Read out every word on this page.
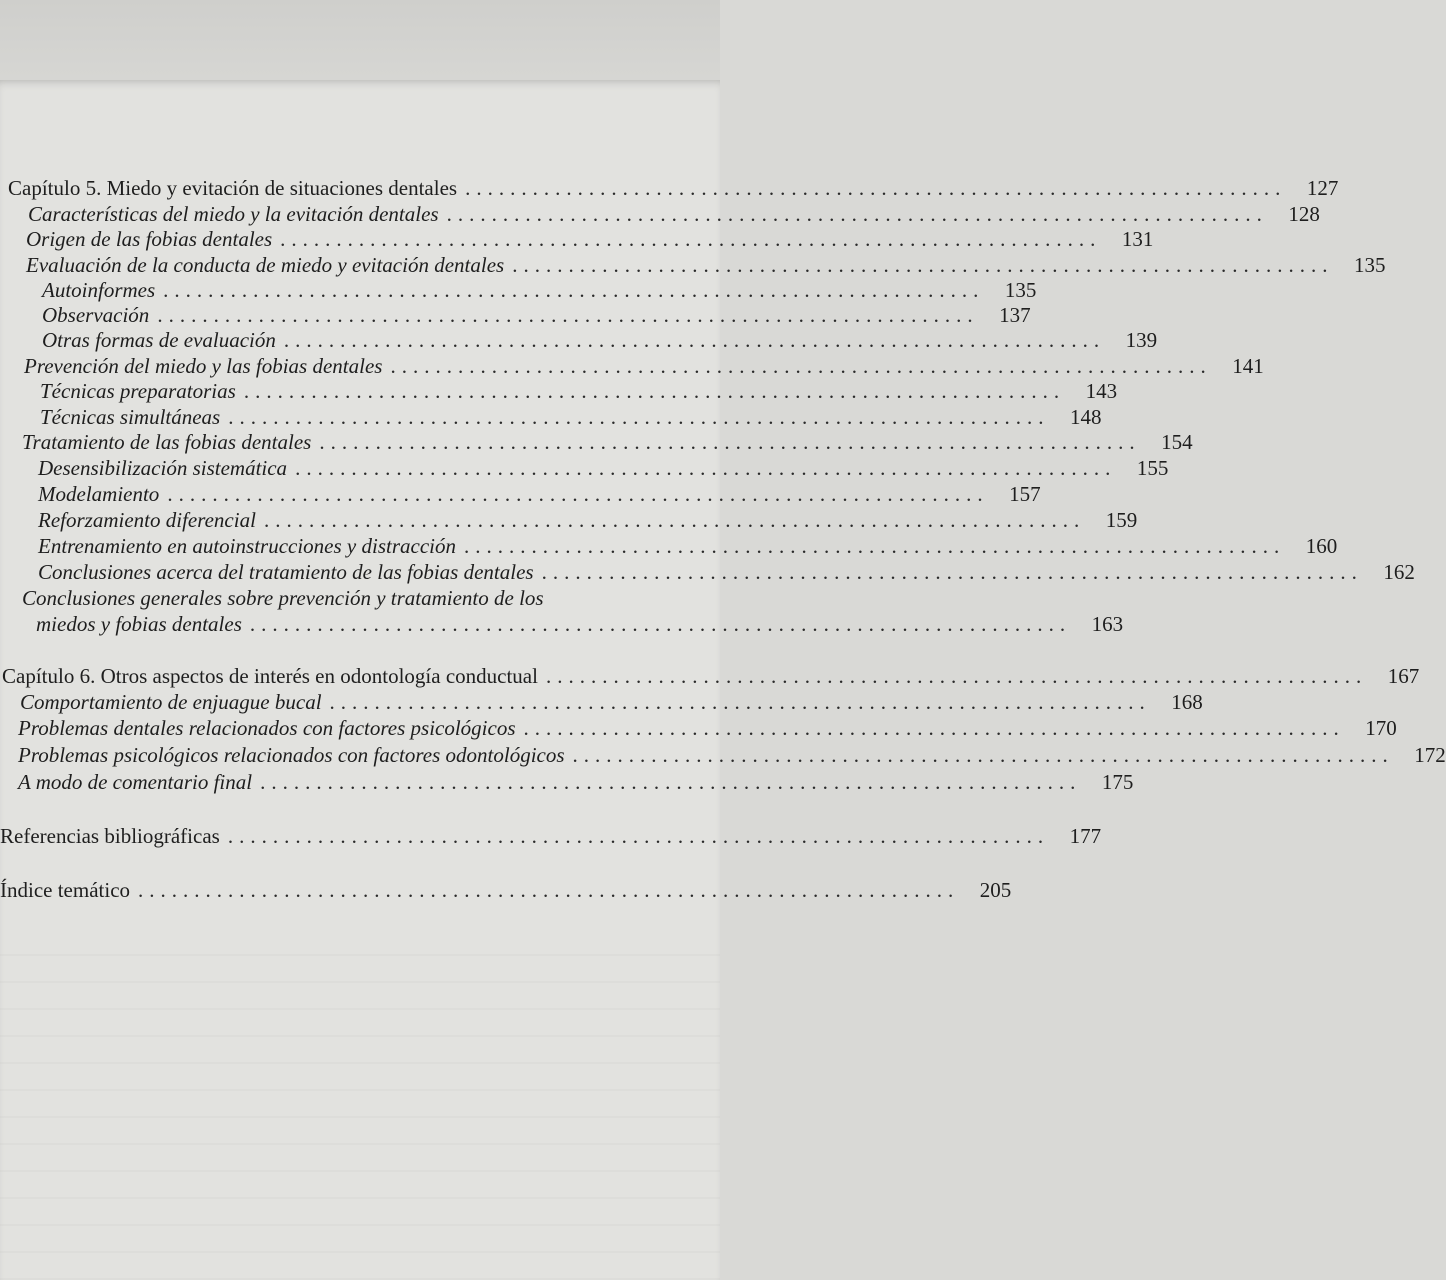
Capítulo 5. Miedo y evitación de situaciones dentales ......................................................................... 127
Características del miedo y la evitación dentales ......................................................................... 128
Origen de las fobias dentales ......................................................................... 131
Evaluación de la conducta de miedo y evitación dentales ......................................................................... 135
Autoinformes ......................................................................... 135
Observación ......................................................................... 137
Otras formas de evaluación ......................................................................... 139
Prevención del miedo y las fobias dentales ......................................................................... 141
Técnicas preparatorias ......................................................................... 143
Técnicas simultáneas ......................................................................... 148
Tratamiento de las fobias dentales ......................................................................... 154
Desensibilización sistemática ......................................................................... 155
Modelamiento ......................................................................... 157
Reforzamiento diferencial ......................................................................... 159
Entrenamiento en autoinstrucciones y distracción ......................................................................... 160
Conclusiones acerca del tratamiento de las fobias dentales ......................................................................... 162
Conclusiones generales sobre prevención y tratamiento de los
miedos y fobias dentales ......................................................................... 163
Capítulo 6. Otros aspectos de interés en odontología conductual ......................................................................... 167
Comportamiento de enjuague bucal ......................................................................... 168
Problemas dentales relacionados con factores psicológicos ......................................................................... 170
Problemas psicológicos relacionados con factores odontológicos ......................................................................... 172
A modo de comentario final ......................................................................... 175
Referencias bibliográficas ......................................................................... 177
Índice temático ......................................................................... 205
